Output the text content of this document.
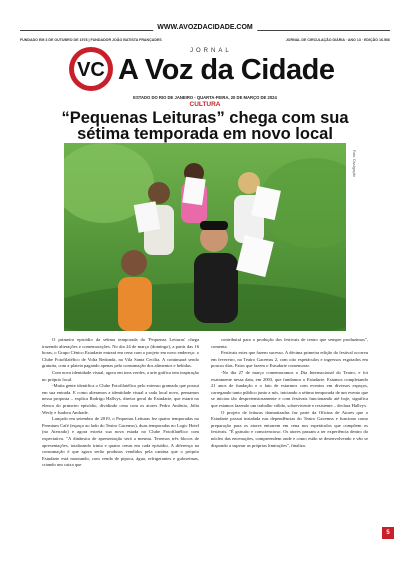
WWW.AVOZDACIDADE.COM
FUNDADO EM 3 DE OUTUBRO DE 1978 | FUNDADOR JOÃO BATISTA FRANÇADES	JORNAL DE CIRCULAÇÃO DIÁRIA · ANO 13 · EDIÇÃO 16.566
VC
JORNAL
A Voz da Cidade
ESTADO DO RIO DE JANEIRO - QUARTA-FEIRA, 20 DE MARÇO DE 2024
CULTURA
“Pequenas Leituras” chega com sua
sétima temporada em novo local
Foto: Divulgação

O primeiro episódio da sétima temporada do 'Pequenas Leituras' chega trazendo alterações e comemorações. No dia 24 de março (domingo), a partir das 16 horas, o Grupo Cênico Estudarte entrará em cena com o projeto em novo endereço: o Clube Fotofilatélico de Volta Redonda, na Vila Santa Cecília. A continuará sendo gratuita, com a plateia pagando apenas pela consumação dos alimentos e bebidas.

Com nova identidade visual, agora em tons verdes, a arte gráfica tem inspiração no próprio local.

-Muita gente identifica o Clube Fotofilatélico pelo extenso gramado que possui em sua entrada. E como alteramos a identidade visual a cada local novo, pensamos nessa proposta – explica Rodrigo Hallvys, diretor geral do Estudarte, que estará no elenco do primeiro episódio, dividindo cena com os atores Pedro Antônio, Júlia Werly e Isadora Andrade.

Lançado em setembro de 2019, o Pequenas Leituras fez quatro temporadas no Premium Café (espaço ao lado do Teatro Gacemss), duas temporadas no Logic Hotel (no Aterrado) e agora estreia sua nova estada no Clube Fotofilatélico com expectativa. "A dinâmica de apresentação será a mesma. Teremos três blocos de apresentações, totalizando trinta e quatro cenas em cada episódio. A diferença na consumação é que agora serão produtos vendidos pela cantina que o próprio Estudarte está montando, com venda de pipoca, água, refrigerantes e guloseimas, criando um caixa que

contribuirá para a produção dos festivais de teatro que sempre produzimos", comenta.

Festivais estes que fazem sucesso. A décima primeira edição do festival ocorreu em fevereiro, no Teatro Gacemss 2, com oito espetáculos e ingressos esgotados em poucos dias. Fatos que fazem o Estudarte comemorar.

-No dia 27 de março comemoramos o Dia Internacional do Teatro, e foi exatamente nessa data, em 2003, que fundamos o Estudarte. Estamos completando 21 anos de fundação e o fato de estarmos com eventos em diversos espaços, carregando tanto público junto a nós, iniciando a sétima temporada de um evento que se iniciou tão despretensiosamente e com festivais funcionando até hoje, significa que estamos fazendo um trabalho válido, sobrevivente e resistente – declara Hallvys.

O projeto de leituras dramatizadas faz parte da Oficina de Atores que o Estudarte possui instalada nas dependências do Teatro Gacemss e funciona como preparação para os atores entrarem em cena nos espetáculos que compõem os festivais. "É gratuito e consciencioso. Os atores passam a ter experiência dentro do núcleo das encenações, compreendem onde e como estão se desenvolvendo e vão se dispondo a superar as próprias limitações", finaliza.

5
